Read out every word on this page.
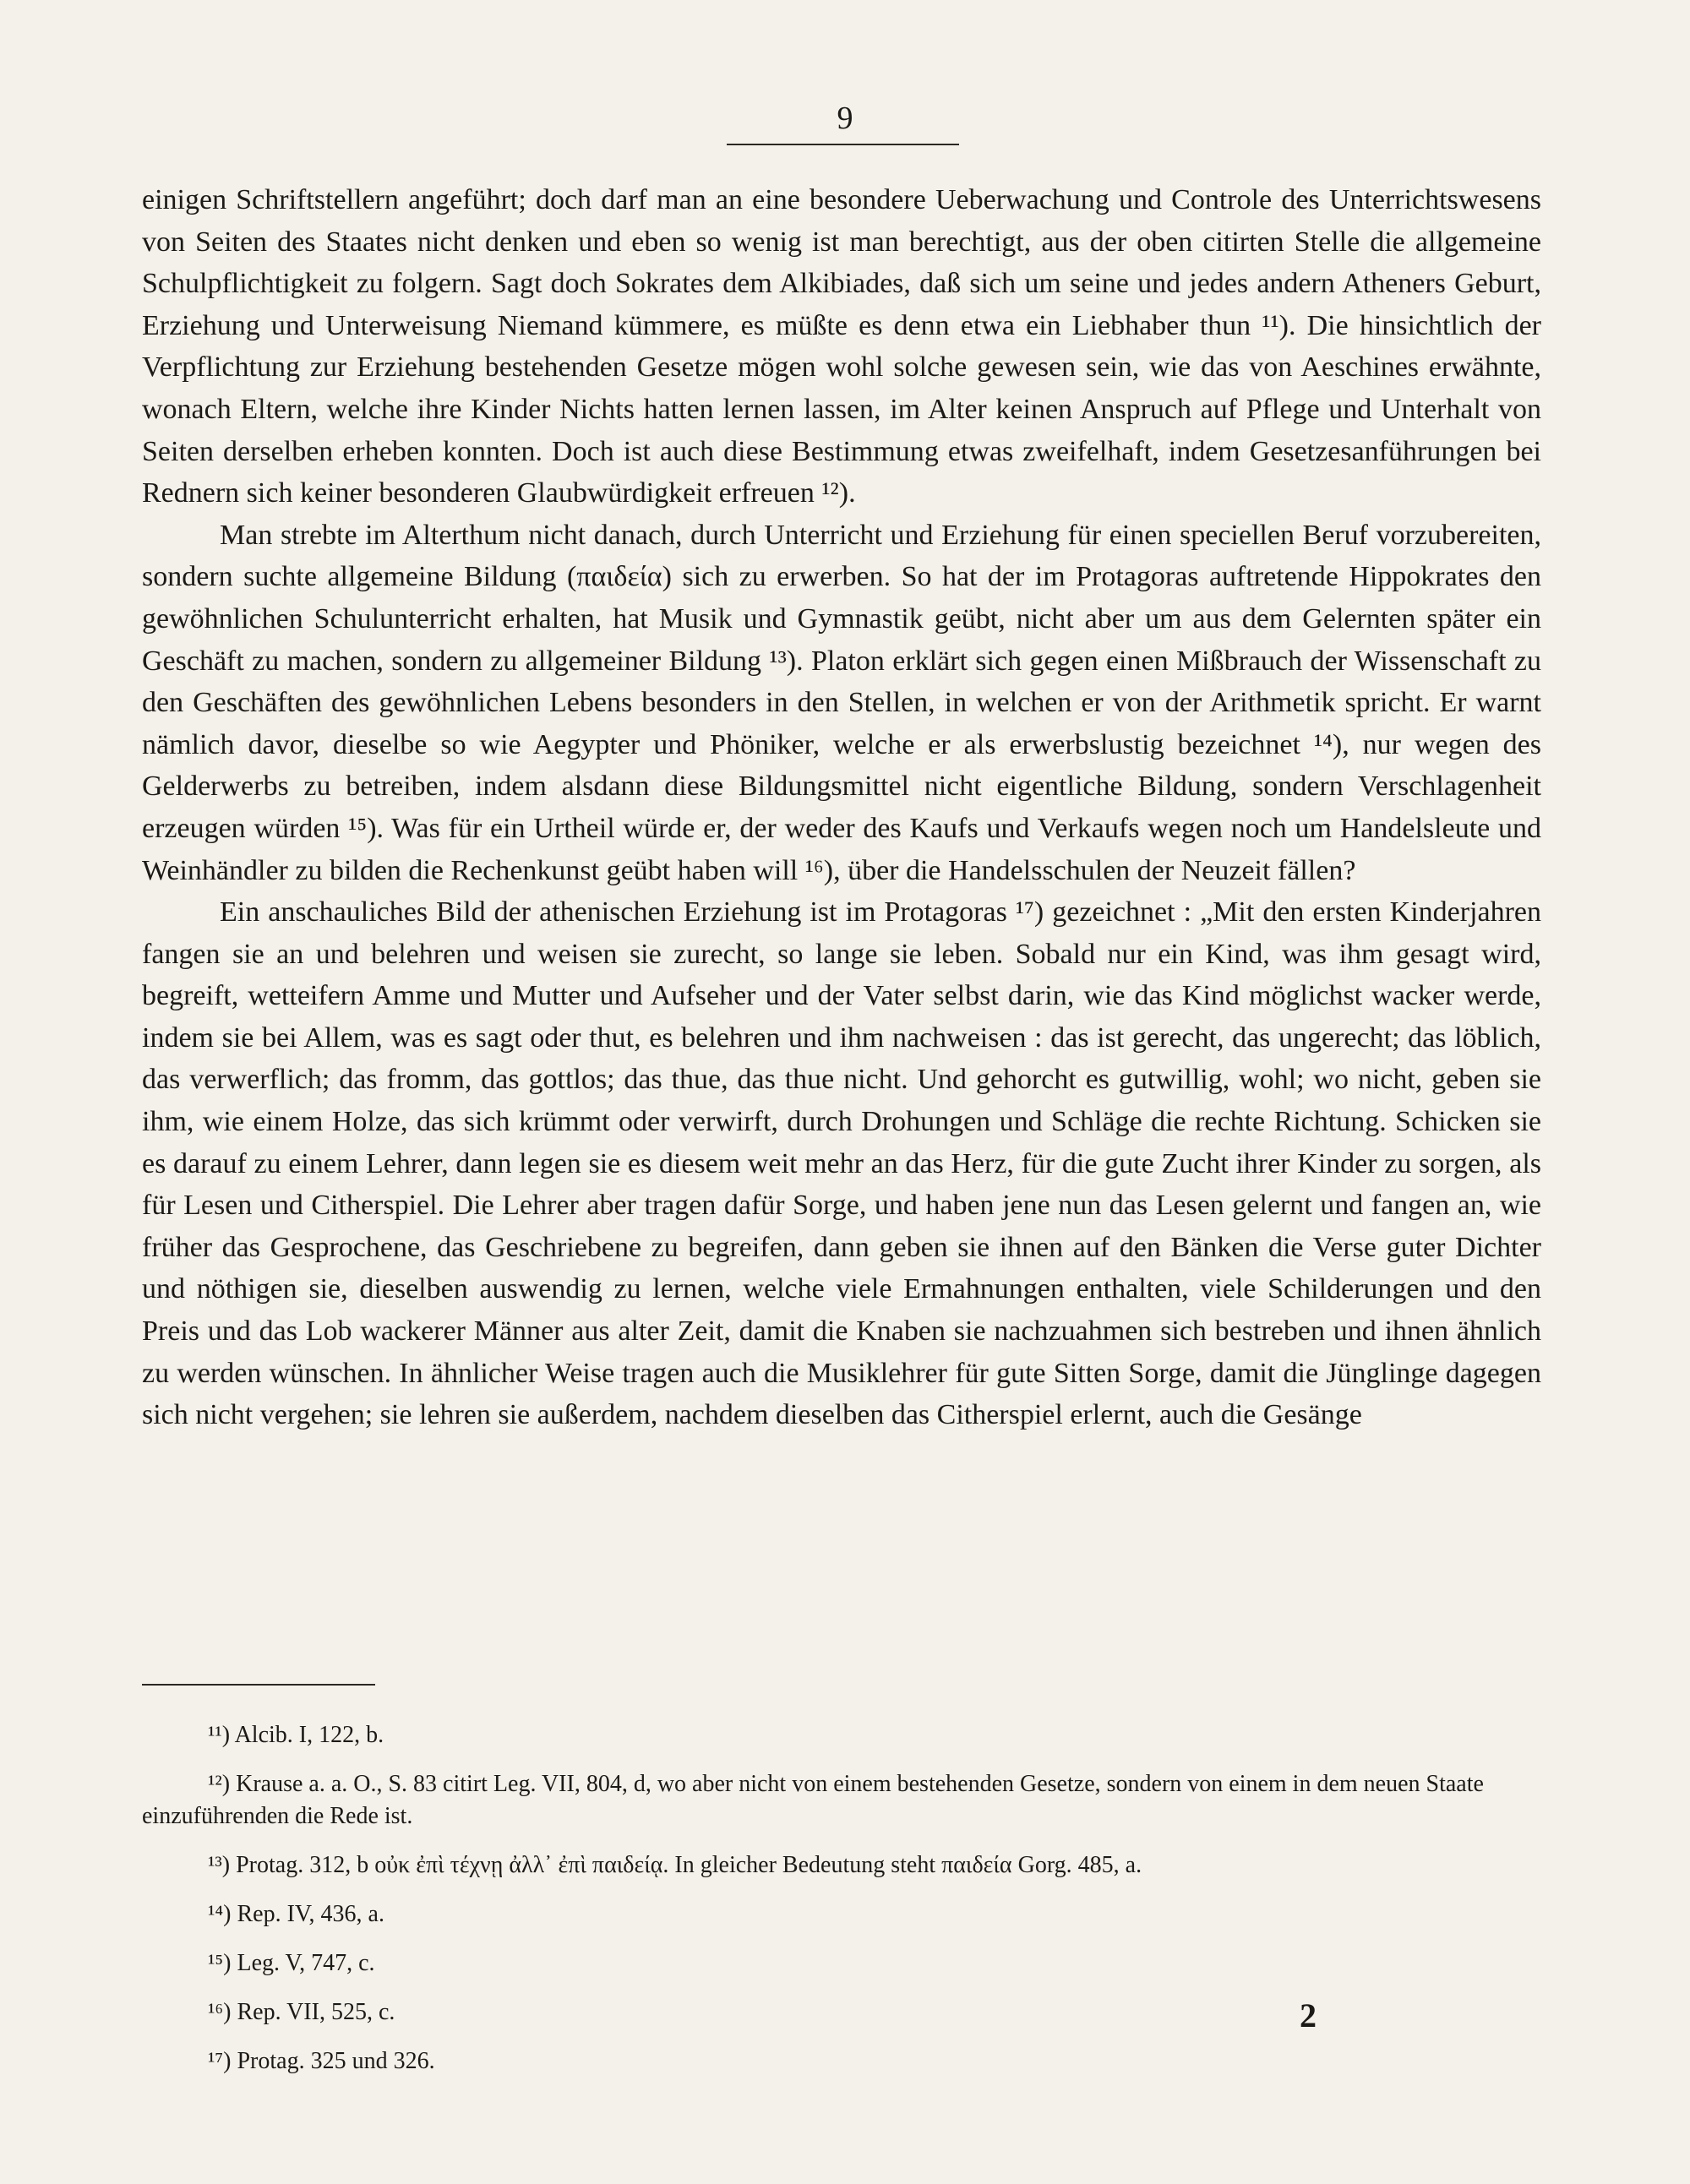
9

einigen Schriftstellern angeführt; doch darf man an eine besondere Ueberwachung und Controle des Unterrichtswesens von Seiten des Staates nicht denken und eben so wenig ist man berechtigt, aus der oben citirten Stelle die allgemeine Schulpflichtigkeit zu folgern. Sagt doch Sokrates dem Alkibiades, daß sich um seine und jedes andern Atheners Geburt, Erziehung und Unterweisung Niemand kümmere, es müßte es denn etwa ein Liebhaber thun ¹¹). Die hinsichtlich der Verpflichtung zur Erziehung bestehenden Gesetze mögen wohl solche gewesen sein, wie das von Aeschines erwähnte, wonach Eltern, welche ihre Kinder Nichts hatten lernen lassen, im Alter keinen Anspruch auf Pflege und Unterhalt von Seiten derselben erheben konnten. Doch ist auch diese Bestimmung etwas zweifelhaft, indem Gesetzesanführungen bei Rednern sich keiner besonderen Glaubwürdigkeit erfreuen ¹²).

Man strebte im Alterthum nicht danach, durch Unterricht und Erziehung für einen speciellen Beruf vorzubereiten, sondern suchte allgemeine Bildung (παιδεία) sich zu erwerben. So hat der im Protagoras auftretende Hippokrates den gewöhnlichen Schulunterricht erhalten, hat Musik und Gymnastik geübt, nicht aber um aus dem Gelernten später ein Geschäft zu machen, sondern zu allgemeiner Bildung ¹³). Platon erklärt sich gegen einen Mißbrauch der Wissenschaft zu den Geschäften des gewöhnlichen Lebens besonders in den Stellen, in welchen er von der Arithmetik spricht. Er warnt nämlich davor, dieselbe so wie Aegypter und Phöniker, welche er als erwerbslustig bezeichnet ¹⁴), nur wegen des Gelderwerbs zu betreiben, indem alsdann diese Bildungsmittel nicht eigentliche Bildung, sondern Verschlagenheit erzeugen würden ¹⁵). Was für ein Urtheil würde er, der weder des Kaufs und Verkaufs wegen noch um Handelsleute und Weinhändler zu bilden die Rechenkunst geübt haben will ¹⁶), über die Handelsschulen der Neuzeit fällen?

Ein anschauliches Bild der athenischen Erziehung ist im Protagoras ¹⁷) gezeichnet : „Mit den ersten Kinderjahren fangen sie an und belehren und weisen sie zurecht, so lange sie leben. Sobald nur ein Kind, was ihm gesagt wird, begreift, wetteifern Amme und Mutter und Aufseher und der Vater selbst darin, wie das Kind möglichst wacker werde, indem sie bei Allem, was es sagt oder thut, es belehren und ihm nachweisen : das ist gerecht, das ungerecht; das löblich, das verwerflich; das fromm, das gottlos; das thue, das thue nicht. Und gehorcht es gutwillig, wohl; wo nicht, geben sie ihm, wie einem Holze, das sich krümmt oder verwirft, durch Drohungen und Schläge die rechte Richtung. Schicken sie es darauf zu einem Lehrer, dann legen sie es diesem weit mehr an das Herz, für die gute Zucht ihrer Kinder zu sorgen, als für Lesen und Citherspiel. Die Lehrer aber tragen dafür Sorge, und haben jene nun das Lesen gelernt und fangen an, wie früher das Gesprochene, das Geschriebene zu begreifen, dann geben sie ihnen auf den Bänken die Verse guter Dichter und nöthigen sie, dieselben auswendig zu lernen, welche viele Ermahnungen enthalten, viele Schilderungen und den Preis und das Lob wackerer Männer aus alter Zeit, damit die Knaben sie nachzuahmen sich bestreben und ihnen ähnlich zu werden wünschen. In ähnlicher Weise tragen auch die Musiklehrer für gute Sitten Sorge, damit die Jünglinge dagegen sich nicht vergehen; sie lehren sie außerdem, nachdem dieselben das Citherspiel erlernt, auch die Gesänge

¹¹) Alcib. I, 122, b.

¹²) Krause a. a. O., S. 83 citirt Leg. VII, 804, d, wo aber nicht von einem bestehenden Gesetze, sondern von einem in dem neuen Staate einzuführenden die Rede ist.

¹³) Protag. 312, b οὐκ ἐπὶ τέχνῃ ἀλλ᾽ ἐπὶ παιδείᾳ. In gleicher Bedeutung steht παιδεία Gorg. 485, a.

¹⁴) Rep. IV, 436, a.

¹⁵) Leg. V, 747, c.

¹⁶) Rep. VII, 525, c.

¹⁷) Protag. 325 und 326.

2
